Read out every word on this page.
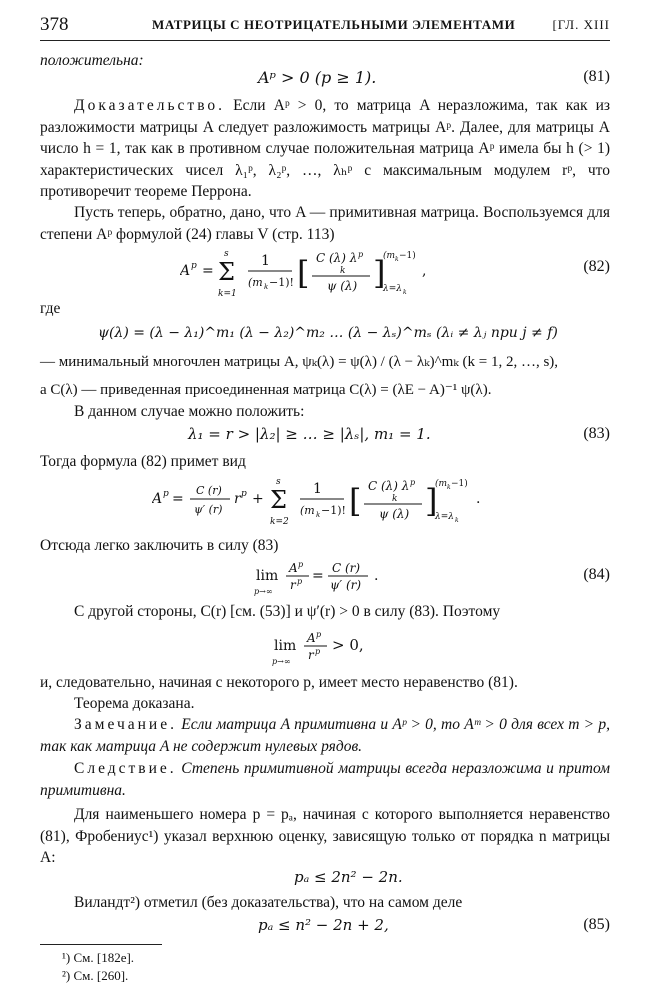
378	МАТРИЦЫ С НЕОТРИЦАТЕЛЬНЫМИ ЭЛЕМЕНТАМИ	[ГЛ. XIII
положительна:
Aᵖ > 0 (p ≥ 1).	(81)
Доказательство. Если Aᵖ > 0, то матрица A неразложима, так как из разложимости матрицы A следует разложимость матрицы Aᵖ. Далее, для матрицы A число h = 1, так как в противном случае положительная матрица Aᵖ имела бы h (> 1) характеристических чисел λ₁ᵖ, λ₂ᵖ, …, λₕᵖ с максимальным модулем rᵖ, что противоречит теореме Перрона.
Пусть теперь, обратно, дано, что A — примитивная матрица. Воспользуемся для степени Aᵖ формулой (24) главы V (стр. 113)
A p = Σ
s
k=1
1
(m k −1)! [ C (λ) λ p
k
ψ (λ) ]
(m k −1)
λ=λ k
,	(82)
где
ψ(λ) = (λ − λ₁)^m₁ (λ − λ₂)^m₂ … (λ − λₛ)^mₛ (λᵢ ≠ λⱼ при j ≠ f)
— минимальный многочлен матрицы A, ψₖ(λ) = ψ(λ) / (λ − λₖ)^mₖ (k = 1, 2, …, s),
а C(λ) — приведенная присоединенная матрица C(λ) = (λE − A)⁻¹ ψ(λ).
В данном случае можно положить:
λ₁ = r > |λ₂| ≥ … ≥ |λₛ|, m₁ = 1.	(83)
Тогда формула (82) примет вид
A p =
C (r)
ψ′ (r)
r p + Σ
s
k=2
1
(m k −1)! [ C (λ) λ p
k
ψ (λ) ]
(m k −1)
λ=λ k
.
Отсюда легко заключить в силу (83)
lim
p→∞
A p
r p = C (r)
ψ′ (r)
.	(84)
С другой стороны, C(r) [см. (53)] и ψ′(r) > 0 в силу (83). Поэтому
lim
p→∞
A p
r p > 0,
и, следовательно, начиная с некоторого p, имеет место неравенство (81).
Теорема доказана.
Замечание. Если матрица A примитивна и Aᵖ > 0, то Aᵐ > 0 для всех m > p, так как матрица A не содержит нулевых рядов.
Следствие. Степень примитивной матрицы всегда неразложима и притом примитивна.
Для наименьшего номера p = pₐ, начиная с которого выполняется неравенство (81), Фробениус¹) указал верхнюю оценку, зависящую только от порядка n матрицы A:
pₐ ≤ 2n² − 2n.
Виландт²) отметил (без доказательства), что на самом деле
pₐ ≤ n² − 2n + 2,	(85)
¹) См. [182е].
²) См. [260].
